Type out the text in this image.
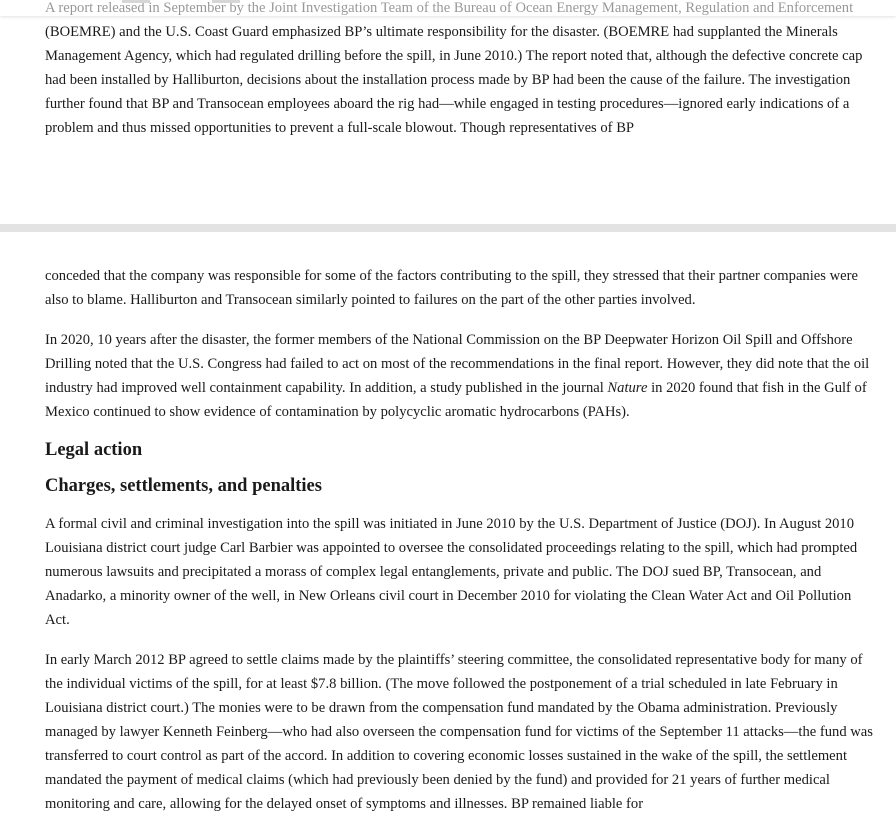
(BOEMRE) and the U.S. Coast Guard emphasized BP’s ultimate responsibility for the disaster. (BOEMRE had supplanted the Minerals Management Agency, which had regulated drilling before the spill, in June 2010.) The report noted that, although the defective concrete cap had been installed by Halliburton, decisions about the installation process made by BP had been the cause of the failure. The investigation further found that BP and Transocean employees aboard the rig had—while engaged in testing procedures—ignored early indications of a problem and thus missed opportunities to prevent a full-scale blowout. Though representatives of BP

conceded that the company was responsible for some of the factors contributing to the spill, they stressed that their partner companies were also to blame. Halliburton and Transocean similarly pointed to failures on the part of the other parties involved.

In 2020, 10 years after the disaster, the former members of the National Commission on the BP Deepwater Horizon Oil Spill and Offshore Drilling noted that the U.S. Congress had failed to act on most of the recommendations in the final report. However, they did note that the oil industry had improved well containment capability. In addition, a study published in the journal Nature in 2020 found that fish in the Gulf of Mexico continued to show evidence of contamination by polycyclic aromatic hydrocarbons (PAHs).

Legal action
Charges, settlements, and penalties

A formal civil and criminal investigation into the spill was initiated in June 2010 by the U.S. Department of Justice (DOJ). In August 2010 Louisiana district court judge Carl Barbier was appointed to oversee the consolidated proceedings relating to the spill, which had prompted numerous lawsuits and precipitated a morass of complex legal entanglements, private and public. The DOJ sued BP, Transocean, and Anadarko, a minority owner of the well, in New Orleans civil court in December 2010 for violating the Clean Water Act and Oil Pollution Act.

In early March 2012 BP agreed to settle claims made by the plaintiffs’ steering committee, the consolidated representative body for many of the individual victims of the spill, for at least $7.8 billion. (The move followed the postponement of a trial scheduled in late February in Louisiana district court.) The monies were to be drawn from the compensation fund mandated by the Obama administration. Previously managed by lawyer Kenneth Feinberg—who had also overseen the compensation fund for victims of the September 11 attacks—the fund was transferred to court control as part of the accord. In addition to covering economic losses sustained in the wake of the spill, the settlement mandated the payment of medical claims (which had previously been denied by the fund) and provided for 21 years of further medical monitoring and care, allowing for the delayed onset of symptoms and illnesses. BP remained liable for
